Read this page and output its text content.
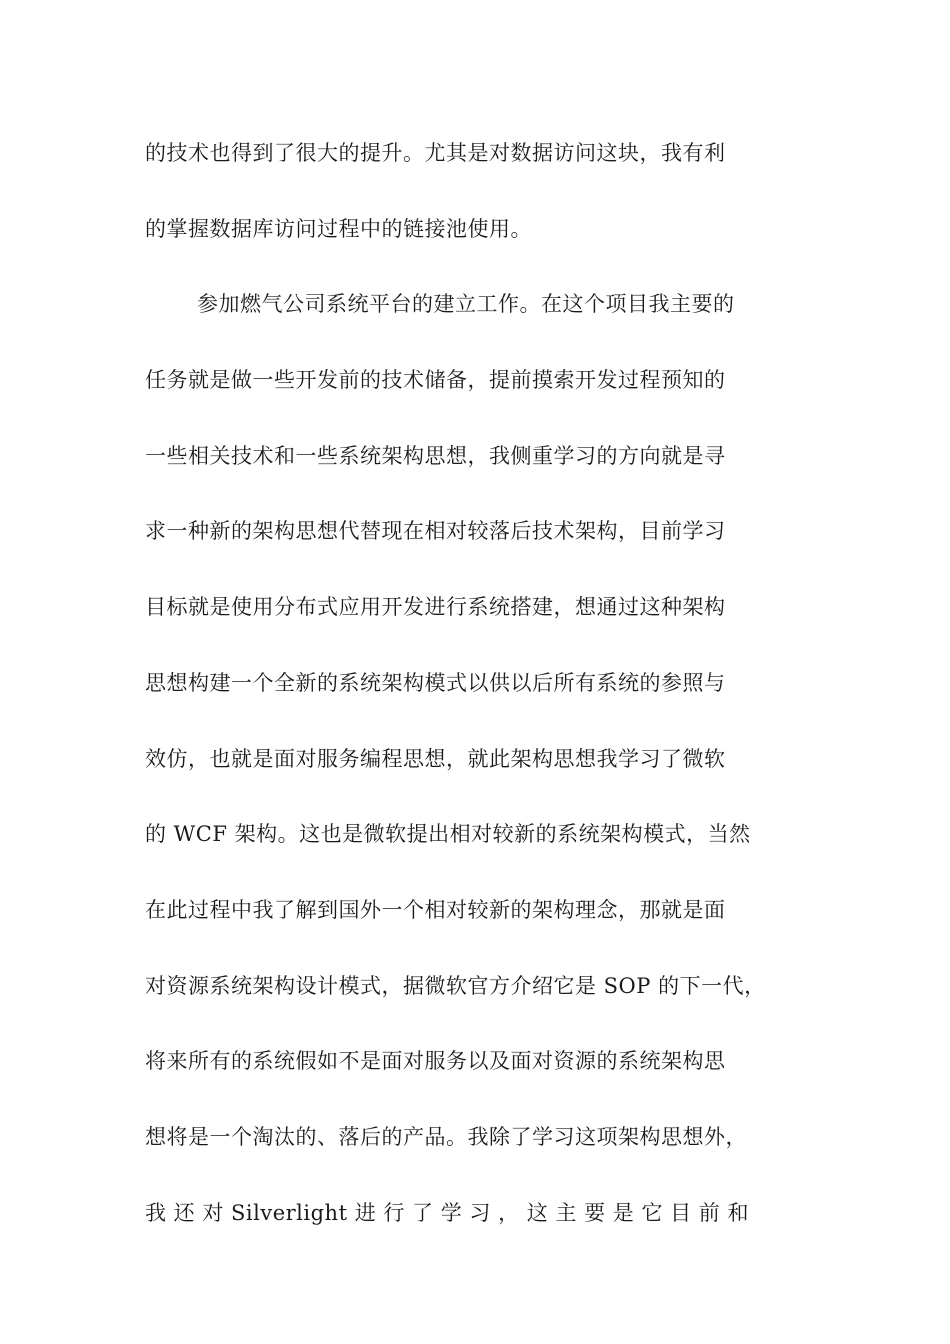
的技术也得到了很大的提升。尤其是对数据访问这块，我有利
的掌握数据库访问过程中的链接池使用。
参加燃气公司系统平台的建立工作。在这个项目我主要的
任务就是做一些开发前的技术储备，提前摸索开发过程预知的
一些相关技术和一些系统架构思想，我侧重学习的方向就是寻
求一种新的架构思想代替现在相对较落后技术架构，目前学习
目标就是使用分布式应用开发进行系统搭建，想通过这种架构
思想构建一个全新的系统架构模式以供以后所有系统的参照与
效仿，也就是面对服务编程思想，就此架构思想我学习了微软
的 WCF 架构。这也是微软提出相对较新的系统架构模式，当然
在此过程中我了解到国外一个相对较新的架构理念，那就是面
对资源系统架构设计模式，据微软官方介绍它是 SOP 的下一代，
将来所有的系统假如不是面对服务以及面对资源的系统架构思
想将是一个淘汰的、落后的产品。我除了学习这项架构思想外，
我 还 对 Silverlight 进 行 了 学 习 ， 这 主 要 是 它 目 前 和
